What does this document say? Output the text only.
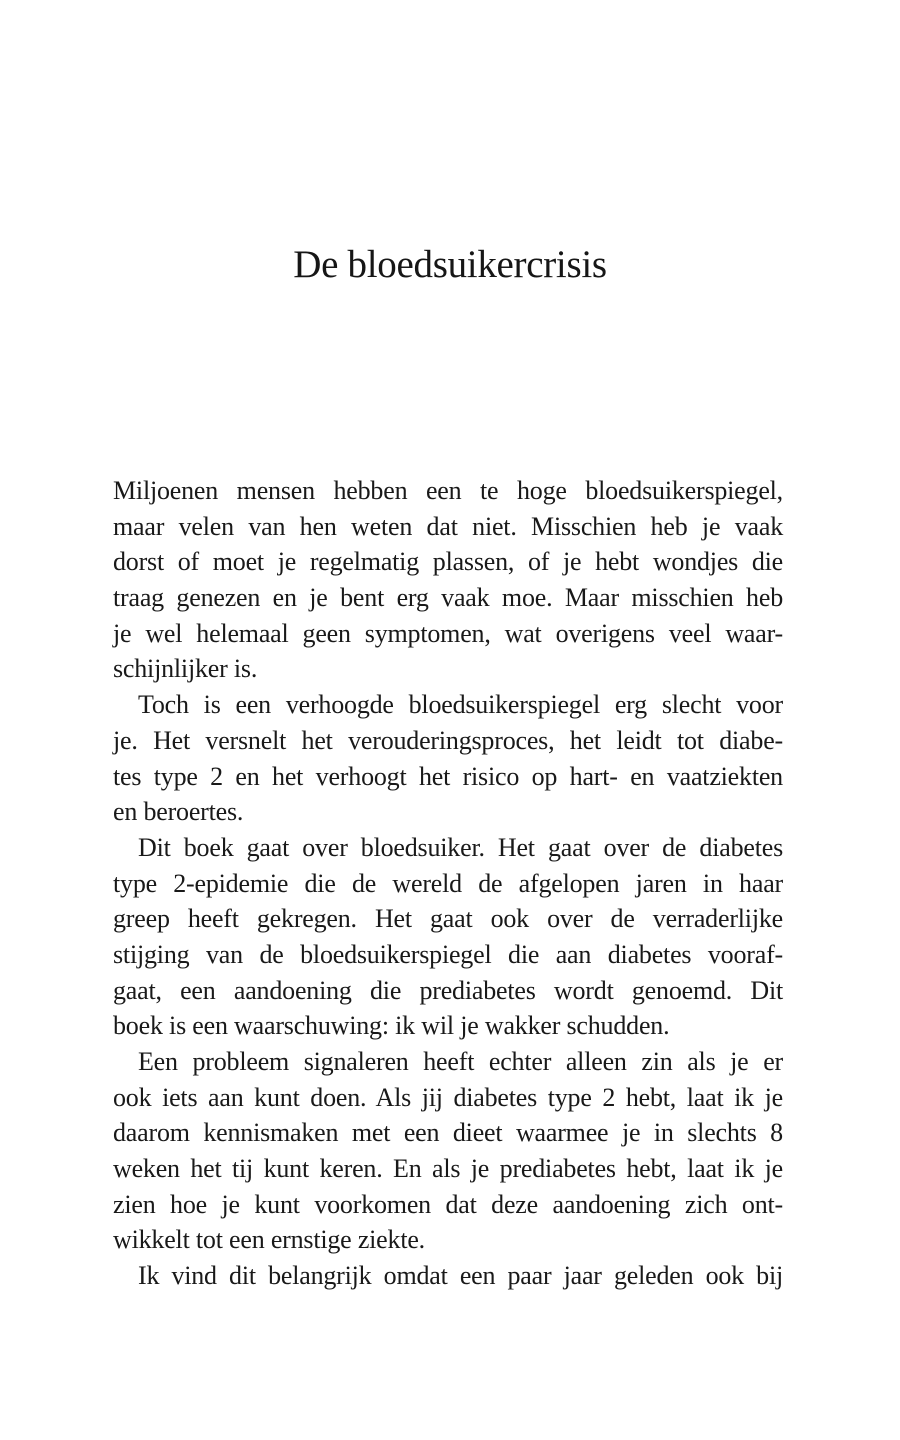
De bloedsuikercrisis
Miljoenen mensen hebben een te hoge bloedsuikerspiegel,
maar velen van hen weten dat niet. Misschien heb je vaak
dorst of moet je regelmatig plassen, of je hebt wondjes die
traag genezen en je bent erg vaak moe. Maar misschien heb
je wel helemaal geen symptomen, wat overigens veel waar-
schijnlijker is.
Toch is een verhoogde bloedsuikerspiegel erg slecht voor
je. Het versnelt het verouderingsproces, het leidt tot diabe-
tes type 2 en het verhoogt het risico op hart- en vaatziekten
en beroertes.
Dit boek gaat over bloedsuiker. Het gaat over de diabetes
type 2-epidemie die de wereld de afgelopen jaren in haar
greep heeft gekregen. Het gaat ook over de verraderlijke
stijging van de bloedsuikerspiegel die aan diabetes vooraf-
gaat, een aandoening die prediabetes wordt genoemd. Dit
boek is een waarschuwing: ik wil je wakker schudden.
Een probleem signaleren heeft echter alleen zin als je er
ook iets aan kunt doen. Als jij diabetes type 2 hebt, laat ik je
daarom kennismaken met een dieet waarmee je in slechts 8
weken het tij kunt keren. En als je prediabetes hebt, laat ik je
zien hoe je kunt voorkomen dat deze aandoening zich ont-
wikkelt tot een ernstige ziekte.
Ik vind dit belangrijk omdat een paar jaar geleden ook bij
